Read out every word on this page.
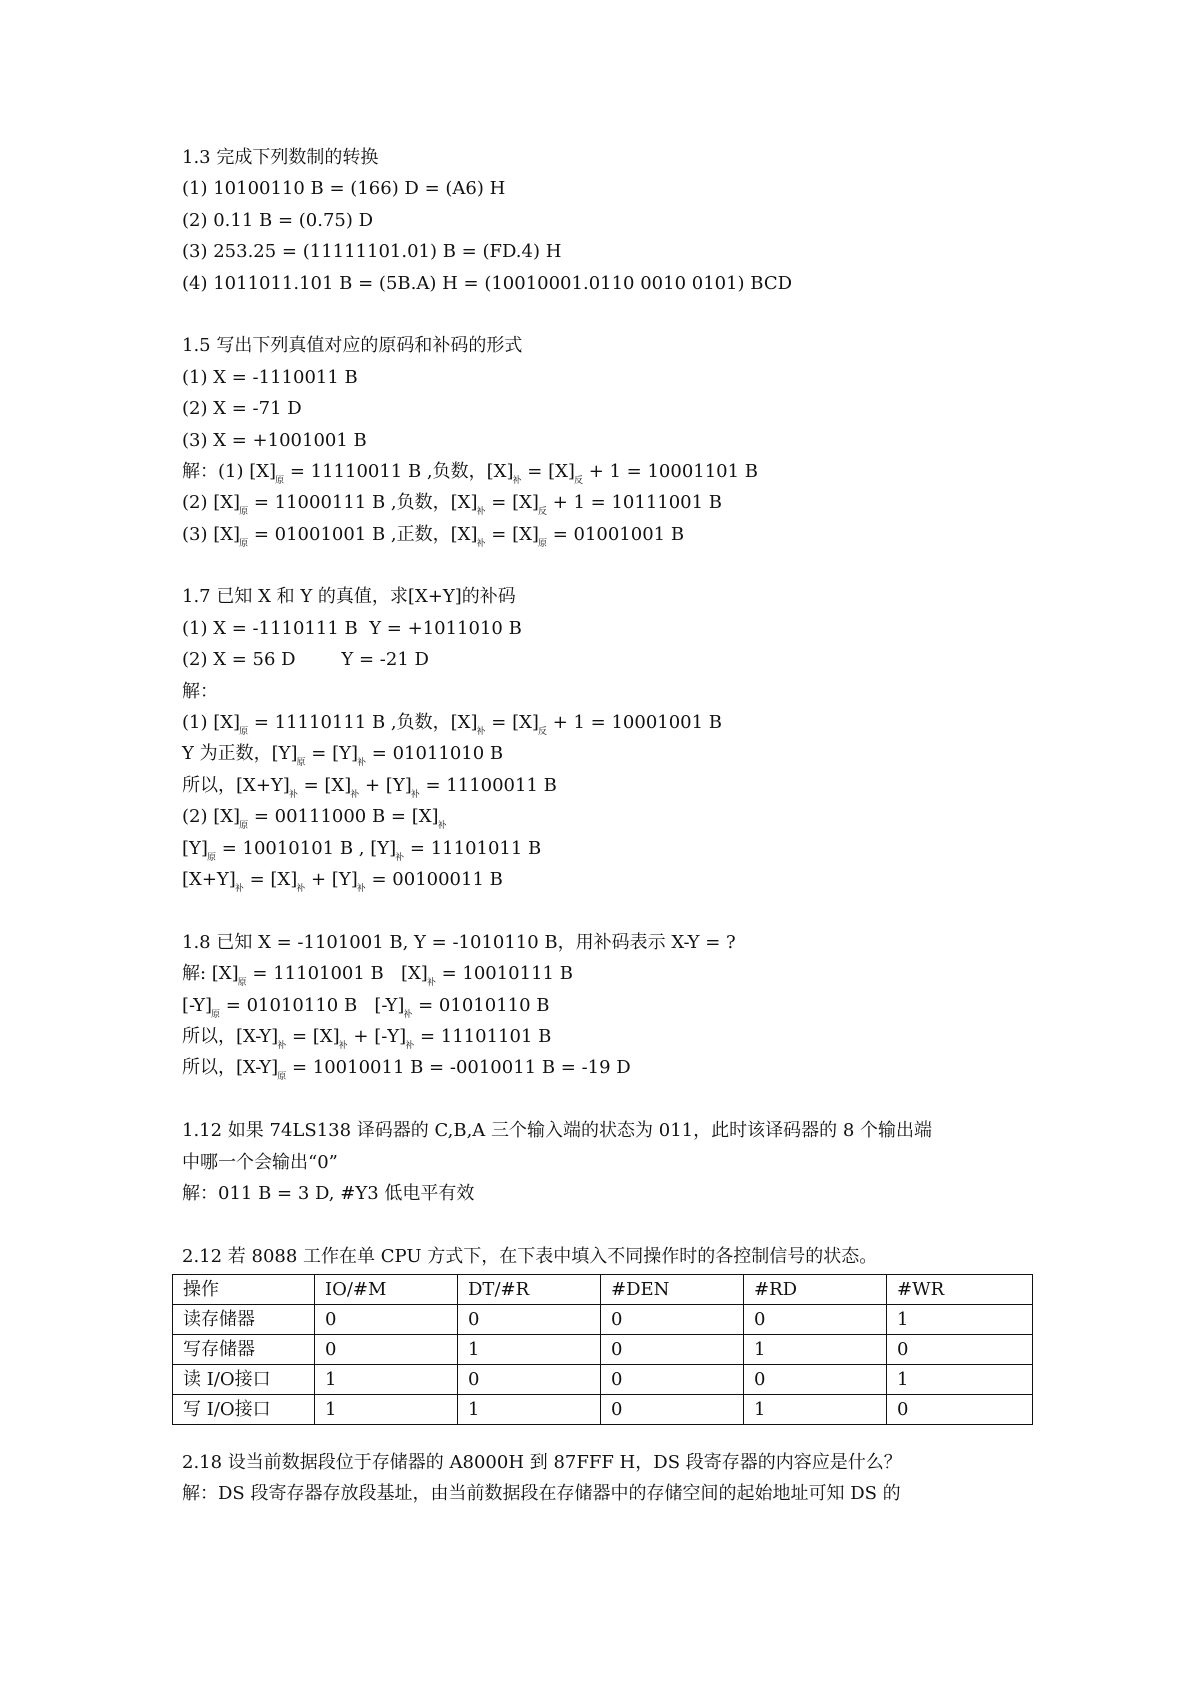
1.3 完成下列数制的转换
(1) 10100110 B = (166) D = (A6) H
(2) 0.11 B = (0.75) D
(3) 253.25 = (11111101.01) B = (FD.4) H
(4) 1011011.101 B = (5B.A) H = (10010001.0110 0010 0101) BCD
1.5 写出下列真值对应的原码和补码的形式
(1) X = -1110011 B
(2) X = -71 D
(3) X = +1001001 B
解：(1) $[X]_原 = 11110011$ B ,负数，$[X]_补 = [X]_反 + 1 = 10001101$ B
(2) $[X]_原 = 11000111$ B ,负数，$[X]_补 = [X]_反 + 1 = 10111001$ B
(3) $[X]_原 = 01001001$ B ,正数，$[X]_补 = [X]_原 = 01001001$ B
1.7 已知 X 和 Y 的真值，求[X+Y]的补码
(1) X = -1110111 B  Y = +1011010 B
(2) X = 56 D        Y = -21 D
解：
(1) $[X]_原 = 11110111$ B ,负数，$[X]_补 = [X]_反 + 1 = 10001001$ B
Y 为正数，$[Y]_原 = [Y]_补 = 01011010$ B
所以，$[X+Y]_补 = [X]_补 + [Y]_补 = 11100011$ B
(2) $[X]_原 = 00111000$ $B = [X]_补$
$[Y]_原 = 10010101$ B , $[Y]_补 = 11101011$ B
$[X+Y]_补 = [X]_补 + [Y]_补 = 00100011$ B
1.8 已知 X = -1101001 B, Y = -1010110 B，用补码表示 X-Y = ?
解: $[X]_原 = 11101001$ B   $[X]_补 = 10010111$ B
$[-Y]_原 = 01010110$ B   $[-Y]_补 = 01010110$ B
所以，$[X-Y]_补 = [X]_补 + [-Y]_补 = 11101101$ B
所以，$[X-Y]_原 = 10010011$ B = -0010011 B = -19 D
1.12 如果 74LS138 译码器的 C,B,A 三个输入端的状态为 011，此时该译码器的 8 个输出端
中哪一个会输出“0”
解：011 B = 3 D, #Y3 低电平有效
2.12 若 8088 工作在单 CPU 方式下，在下表中填入不同操作时的各控制信号的状态。
操作	IO/#M	DT/#R	#DEN	#RD	#WR
读存储器	0	0	0	0	1
写存储器	0	1	0	1	0
读 I/O接口	1	0	0	0	1
写 I/O接口	1	1	0	1	0
2.18 设当前数据段位于存储器的 A8000H 到 87FFF H，DS 段寄存器的内容应是什么？
解：DS 段寄存器存放段基址，由当前数据段在存储器中的存储空间的起始地址可知 DS 的
